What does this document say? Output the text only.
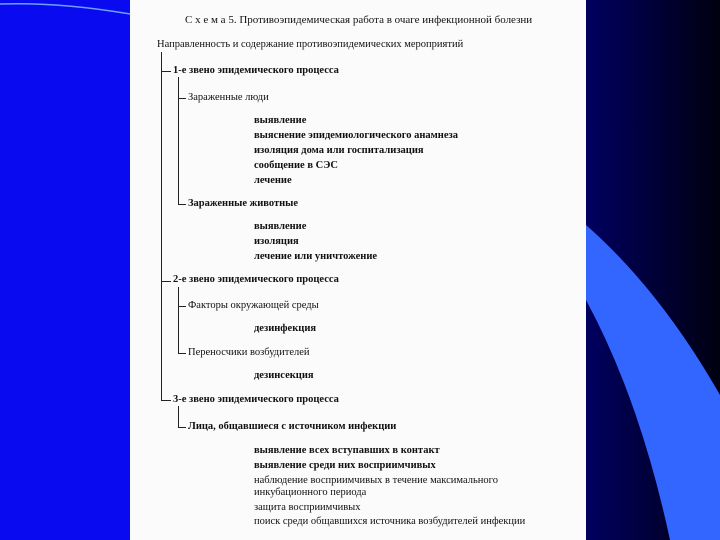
С х е м а 5. Противоэпидемическая работа в очаге инфекционной болезни
Направленность и содержание противоэпидемических мероприятий
1-е звено эпидемического процесса
Зараженные люди
выявление
выяснение эпидемиологического анамнеза
изоляция дома или госпитализация
сообщение в СЭС
лечение
Зараженные животные
выявление
изоляция
лечение или уничтожение
2-е звено эпидемического процесса
Факторы окружающей среды
дезинфекция
Переносчики возбудителей
дезинсекция
3-е звено эпидемического процесса
Лица, общавшиеся с источником инфекции
выявление всех вступавших в контакт
выявление среди них восприимчивых
наблюдение восприимчивых в течение максимального
инкубационного периода
защита восприимчивых
поиск среди общавшихся источника возбудителей инфекции
